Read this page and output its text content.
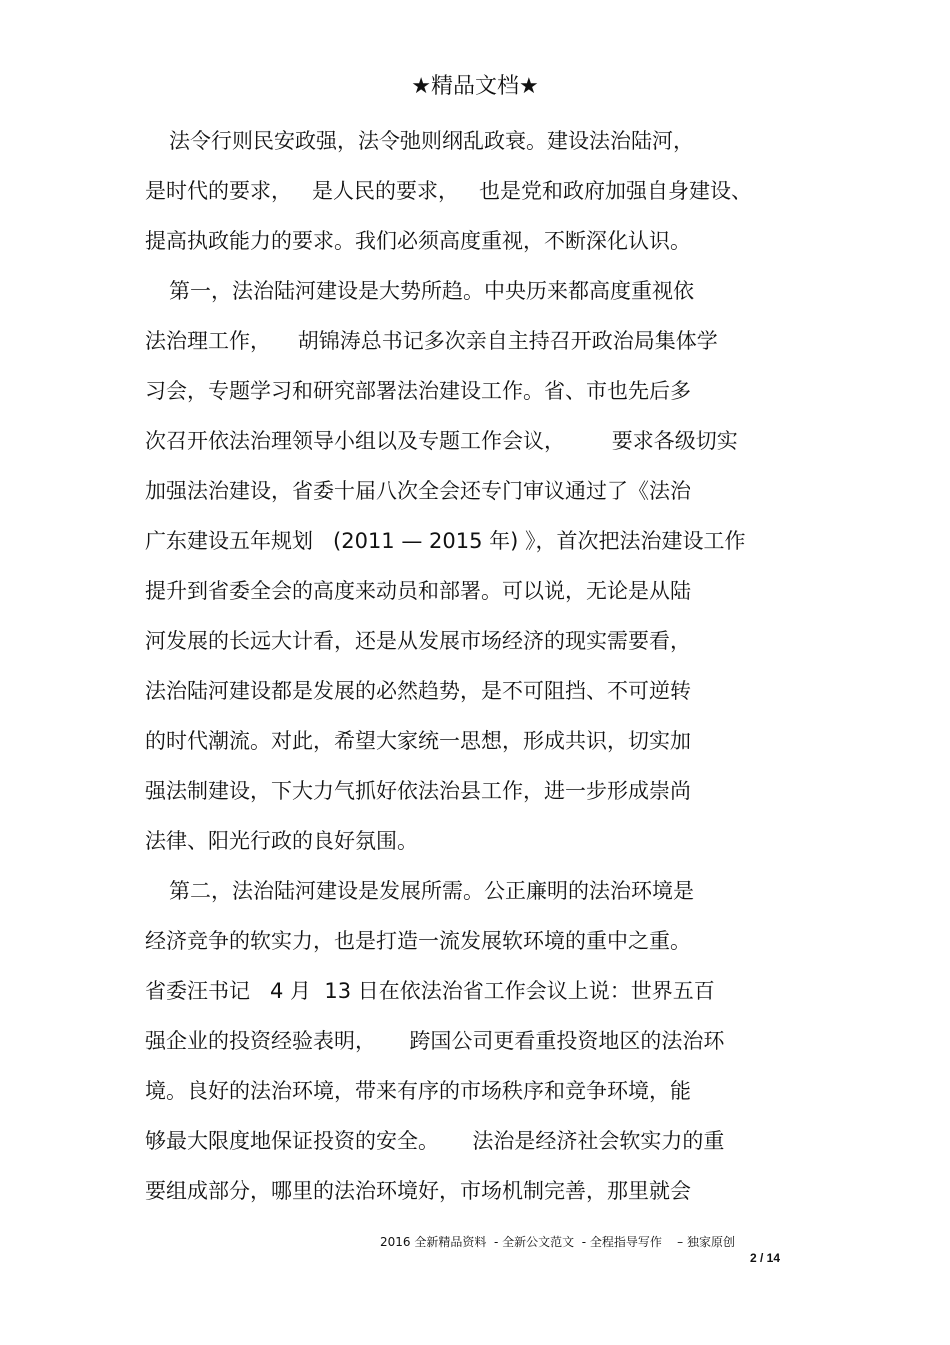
★精品文档★
法令行则民安政强，法令弛则纲乱政衰。建设法治陆河，
是时代的要求，   是人民的要求，   也是党和政府加强自身建设、
提高执政能力的要求。我们必须高度重视，不断深化认识。
第一，法治陆河建设是大势所趋。中央历来都高度重视依
法治理工作，    胡锦涛总书记多次亲自主持召开政治局集体学
习会，专题学习和研究部署法治建设工作。省、市也先后多
次召开依法治理领导小组以及专题工作会议，       要求各级切实
加强法治建设，省委十届八次全会还专门审议通过了《法治
广东建设五年规划   (2011 — 2015 年) 》，首次把法治建设工作
提升到省委全会的高度来动员和部署。可以说，无论是从陆
河发展的长远大计看，还是从发展市场经济的现实需要看，
法治陆河建设都是发展的必然趋势，是不可阻挡、不可逆转
的时代潮流。对此，希望大家统一思想，形成共识，切实加
强法制建设，下大力气抓好依法治县工作，进一步形成崇尚
法律、阳光行政的良好氛围。
第二，法治陆河建设是发展所需。公正廉明的法治环境是
经济竞争的软实力，也是打造一流发展软环境的重中之重。
省委汪书记   4 月  13 日在依法治省工作会议上说：世界五百
强企业的投资经验表明，     跨国公司更看重投资地区的法治环
境。良好的法治环境，带来有序的市场秩序和竞争环境，能
够最大限度地保证投资的安全。     法治是经济社会软实力的重
要组成部分，哪里的法治环境好，市场机制完善，那里就会
2016 全新精品资料  - 全新公文范文  - 全程指导写作    – 独家原创
2 / 14
